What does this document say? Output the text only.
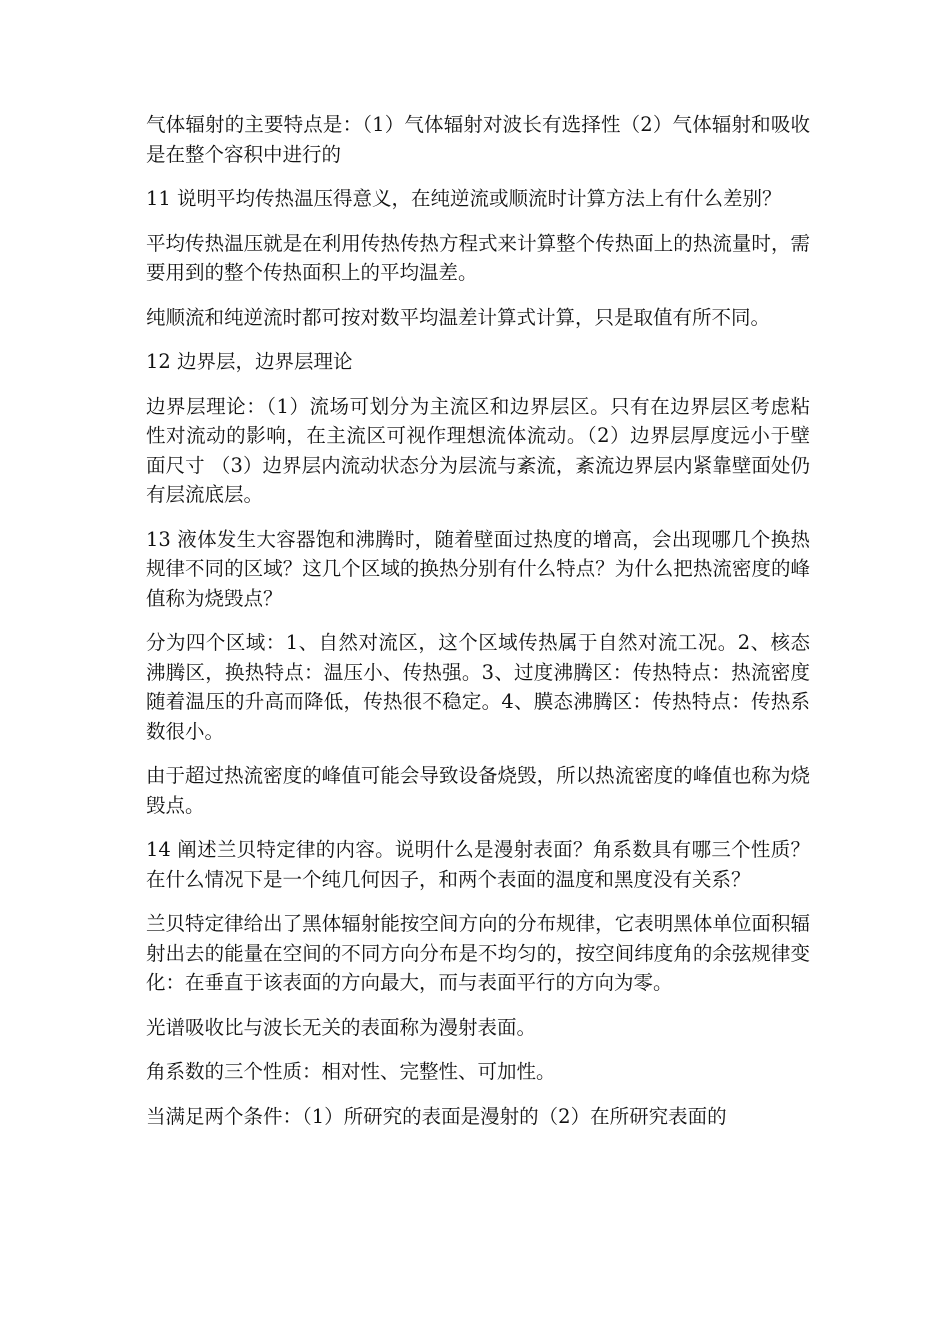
气体辐射的主要特点是：（1）气体辐射对波长有选择性（2）气体辐射和吸收是在整个容积中进行的

11 说明平均传热温压得意义，在纯逆流或顺流时计算方法上有什么差别？

平均传热温压就是在利用传热传热方程式来计算整个传热面上的热流量时，需要用到的整个传热面积上的平均温差。

纯顺流和纯逆流时都可按对数平均温差计算式计算，只是取值有所不同。

12 边界层，边界层理论

边界层理论：（1）流场可划分为主流区和边界层区。只有在边界层区考虑粘性对流动的影响，在主流区可视作理想流体流动。（2）边界层厚度远小于壁面尺寸 （3）边界层内流动状态分为层流与紊流，紊流边界层内紧靠壁面处仍有层流底层。

13 液体发生大容器饱和沸腾时，随着壁面过热度的增高，会出现哪几个换热规律不同的区域？这几个区域的换热分别有什么特点？为什么把热流密度的峰值称为烧毁点？

分为四个区域：1、自然对流区，这个区域传热属于自然对流工况。2、核态沸腾区，换热特点：温压小、传热强。3、过度沸腾区：传热特点：热流密度随着温压的升高而降低，传热很不稳定。4、膜态沸腾区：传热特点：传热系数很小。

由于超过热流密度的峰值可能会导致设备烧毁，所以热流密度的峰值也称为烧毁点。

14 阐述兰贝特定律的内容。说明什么是漫射表面？角系数具有哪三个性质？在什么情况下是一个纯几何因子，和两个表面的温度和黑度没有关系？

兰贝特定律给出了黑体辐射能按空间方向的分布规律，它表明黑体单位面积辐射出去的能量在空间的不同方向分布是不均匀的，按空间纬度角的余弦规律变化：在垂直于该表面的方向最大，而与表面平行的方向为零。

光谱吸收比与波长无关的表面称为漫射表面。

角系数的三个性质：相对性、完整性、可加性。

当满足两个条件：（1）所研究的表面是漫射的（2）在所研究表面的
